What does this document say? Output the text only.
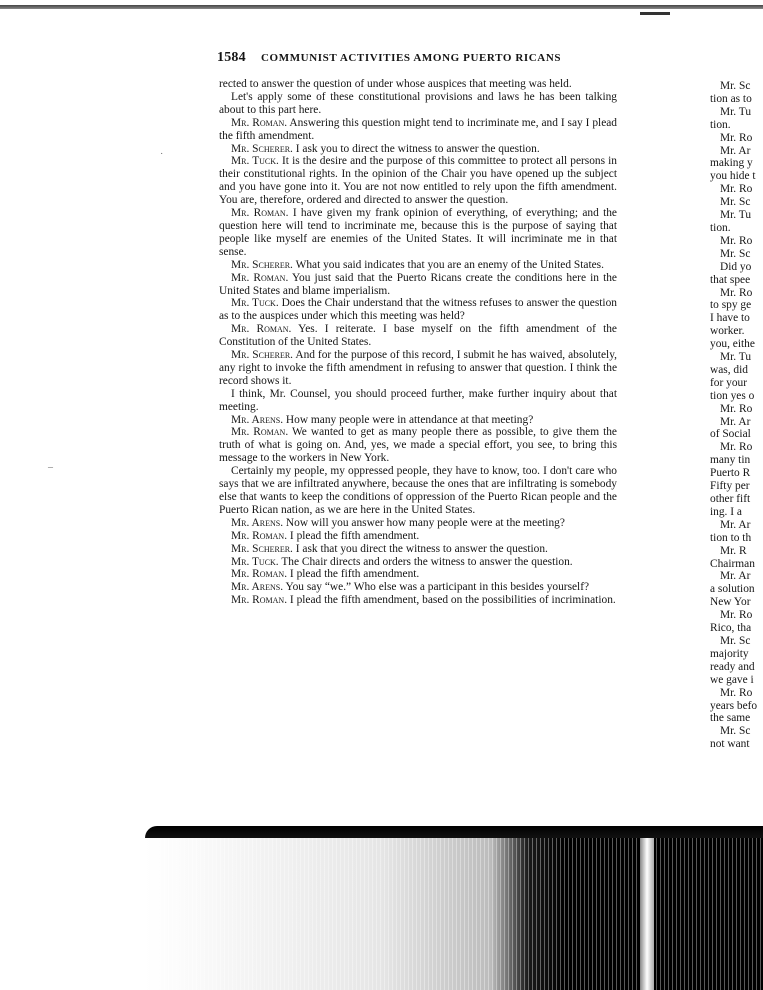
1584 COMMUNIST ACTIVITIES AMONG PUERTO RICANS
˙
–

rected to answer the question of under whose auspices that meeting was held.

Let's apply some of these constitutional provisions and laws he has been talking about to this part here.

Mr. Roman. Answering this question might tend to incriminate me, and I say I plead the fifth amendment.

Mr. Scherer. I ask you to direct the witness to answer the question.

Mr. Tuck. It is the desire and the purpose of this committee to protect all persons in their constitutional rights. In the opinion of the Chair you have opened up the subject and you have gone into it. You are not now entitled to rely upon the fifth amendment. You are, therefore, ordered and directed to answer the question.

Mr. Roman. I have given my frank opinion of everything, of everything; and the question here will tend to incriminate me, because this is the purpose of saying that people like myself are enemies of the United States. It will incriminate me in that sense.

Mr. Scherer. What you said indicates that you are an enemy of the United States.

Mr. Roman. You just said that the Puerto Ricans create the conditions here in the United States and blame imperialism.

Mr. Tuck. Does the Chair understand that the witness refuses to answer the question as to the auspices under which this meeting was held?

Mr. Roman. Yes. I reiterate. I base myself on the fifth amendment of the Constitution of the United States.

Mr. Scherer. And for the purpose of this record, I submit he has waived, absolutely, any right to invoke the fifth amendment in refusing to answer that question. I think the record shows it.

I think, Mr. Counsel, you should proceed further, make further inquiry about that meeting.

Mr. Arens. How many people were in attendance at that meeting?

Mr. Roman. We wanted to get as many people there as possible, to give them the truth of what is going on. And, yes, we made a special effort, you see, to bring this message to the workers in New York.

Certainly my people, my oppressed people, they have to know, too. I don't care who says that we are infiltrated anywhere, because the ones that are infiltrating is somebody else that wants to keep the conditions of oppression of the Puerto Rican people and the Puerto Rican nation, as we are here in the United States.

Mr. Arens. Now will you answer how many people were at the meeting?

Mr. Roman. I plead the fifth amendment.

Mr. Scherer. I ask that you direct the witness to answer the question.

Mr. Tuck. The Chair directs and orders the witness to answer the question.

Mr. Roman. I plead the fifth amendment.

Mr. Arens. You say “we.” Who else was a participant in this besides yourself?

Mr. Roman. I plead the fifth amendment, based on the possibilities of incrimination.

Mr. Sc

tion as to

Mr. Tu

tion.

Mr. Ro

Mr. Ar

making y

you hide t

Mr. Ro

Mr. Sc

Mr. Tu

tion.

Mr. Ro

Mr. Sc

Did yo

that spee

Mr. Ro

to spy ge

I have to

worker.

you, eithe

Mr. Tu

was, did

for your

tion yes o

Mr. Ro

Mr. Ar

of Social

Mr. Ro

many tin

Puerto R

Fifty per

other fift

ing. I a

Mr. Ar

tion to th

Mr. R

Chairman

Mr. Ar

a solution

New Yor

Mr. Ro

Rico, tha

Mr. Sc

majority

ready and

we gave i

Mr. Ro

years befo

the same

Mr. Sc

not want
